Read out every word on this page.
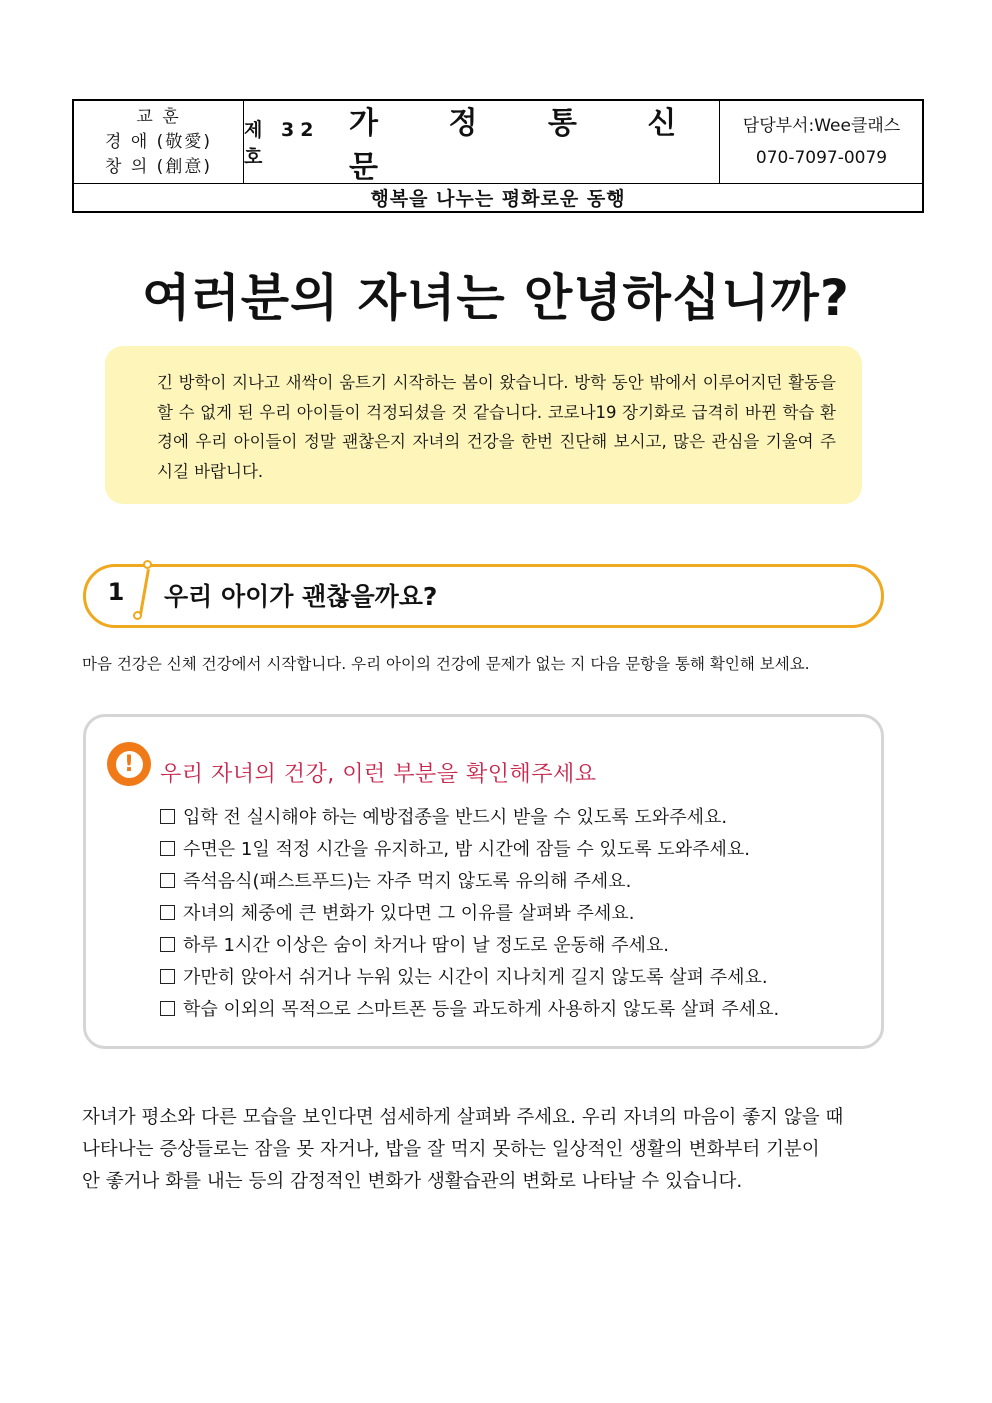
교 훈
경 애 (敬愛)
창 의 (創意)
제 32 호
가 정 통 신 문
담당부서:Wee클래스
070-7097-0079
행복을 나누는 평화로운 동행
여러분의 자녀는 안녕하십니까?
긴 방학이 지나고 새싹이 움트기 시작하는 봄이 왔습니다. 방학 동안 밖에서 이루어지던 활동을 할 수 없게 된 우리 아이들이 걱정되셨을 것 같습니다. 코로나19 장기화로 급격히 바뀐 학습 환경에 우리 아이들이 정말 괜찮은지 자녀의 건강을 한번 진단해 보시고, 많은 관심을 기울여 주시길 바랍니다.
1 우리 아이가 괜찮을까요?
마음 건강은 신체 건강에서 시작합니다. 우리 아이의 건강에 문제가 없는 지 다음 문항을 통해 확인해 보세요.
!	우리 자녀의 건강, 이런 부분을 확인해주세요
입학 전 실시해야 하는 예방접종을 반드시 받을 수 있도록 도와주세요.
수면은 1일 적정 시간을 유지하고, 밤 시간에 잠들 수 있도록 도와주세요.
즉석음식(패스트푸드)는 자주 먹지 않도록 유의해 주세요.
자녀의 체중에 큰 변화가 있다면 그 이유를 살펴봐 주세요.
하루 1시간 이상은 숨이 차거나 땀이 날 정도로 운동해 주세요.
가만히 앉아서 쉬거나 누워 있는 시간이 지나치게 길지 않도록 살펴 주세요.
학습 이외의 목적으로 스마트폰 등을 과도하게 사용하지 않도록 살펴 주세요.
자녀가 평소와 다른 모습을 보인다면 섬세하게 살펴봐 주세요. 우리 자녀의 마음이 좋지 않을 때
나타나는 증상들로는 잠을 못 자거나, 밥을 잘 먹지 못하는 일상적인 생활의 변화부터 기분이
안 좋거나 화를 내는 등의 감정적인 변화가 생활습관의 변화로 나타날 수 있습니다.
